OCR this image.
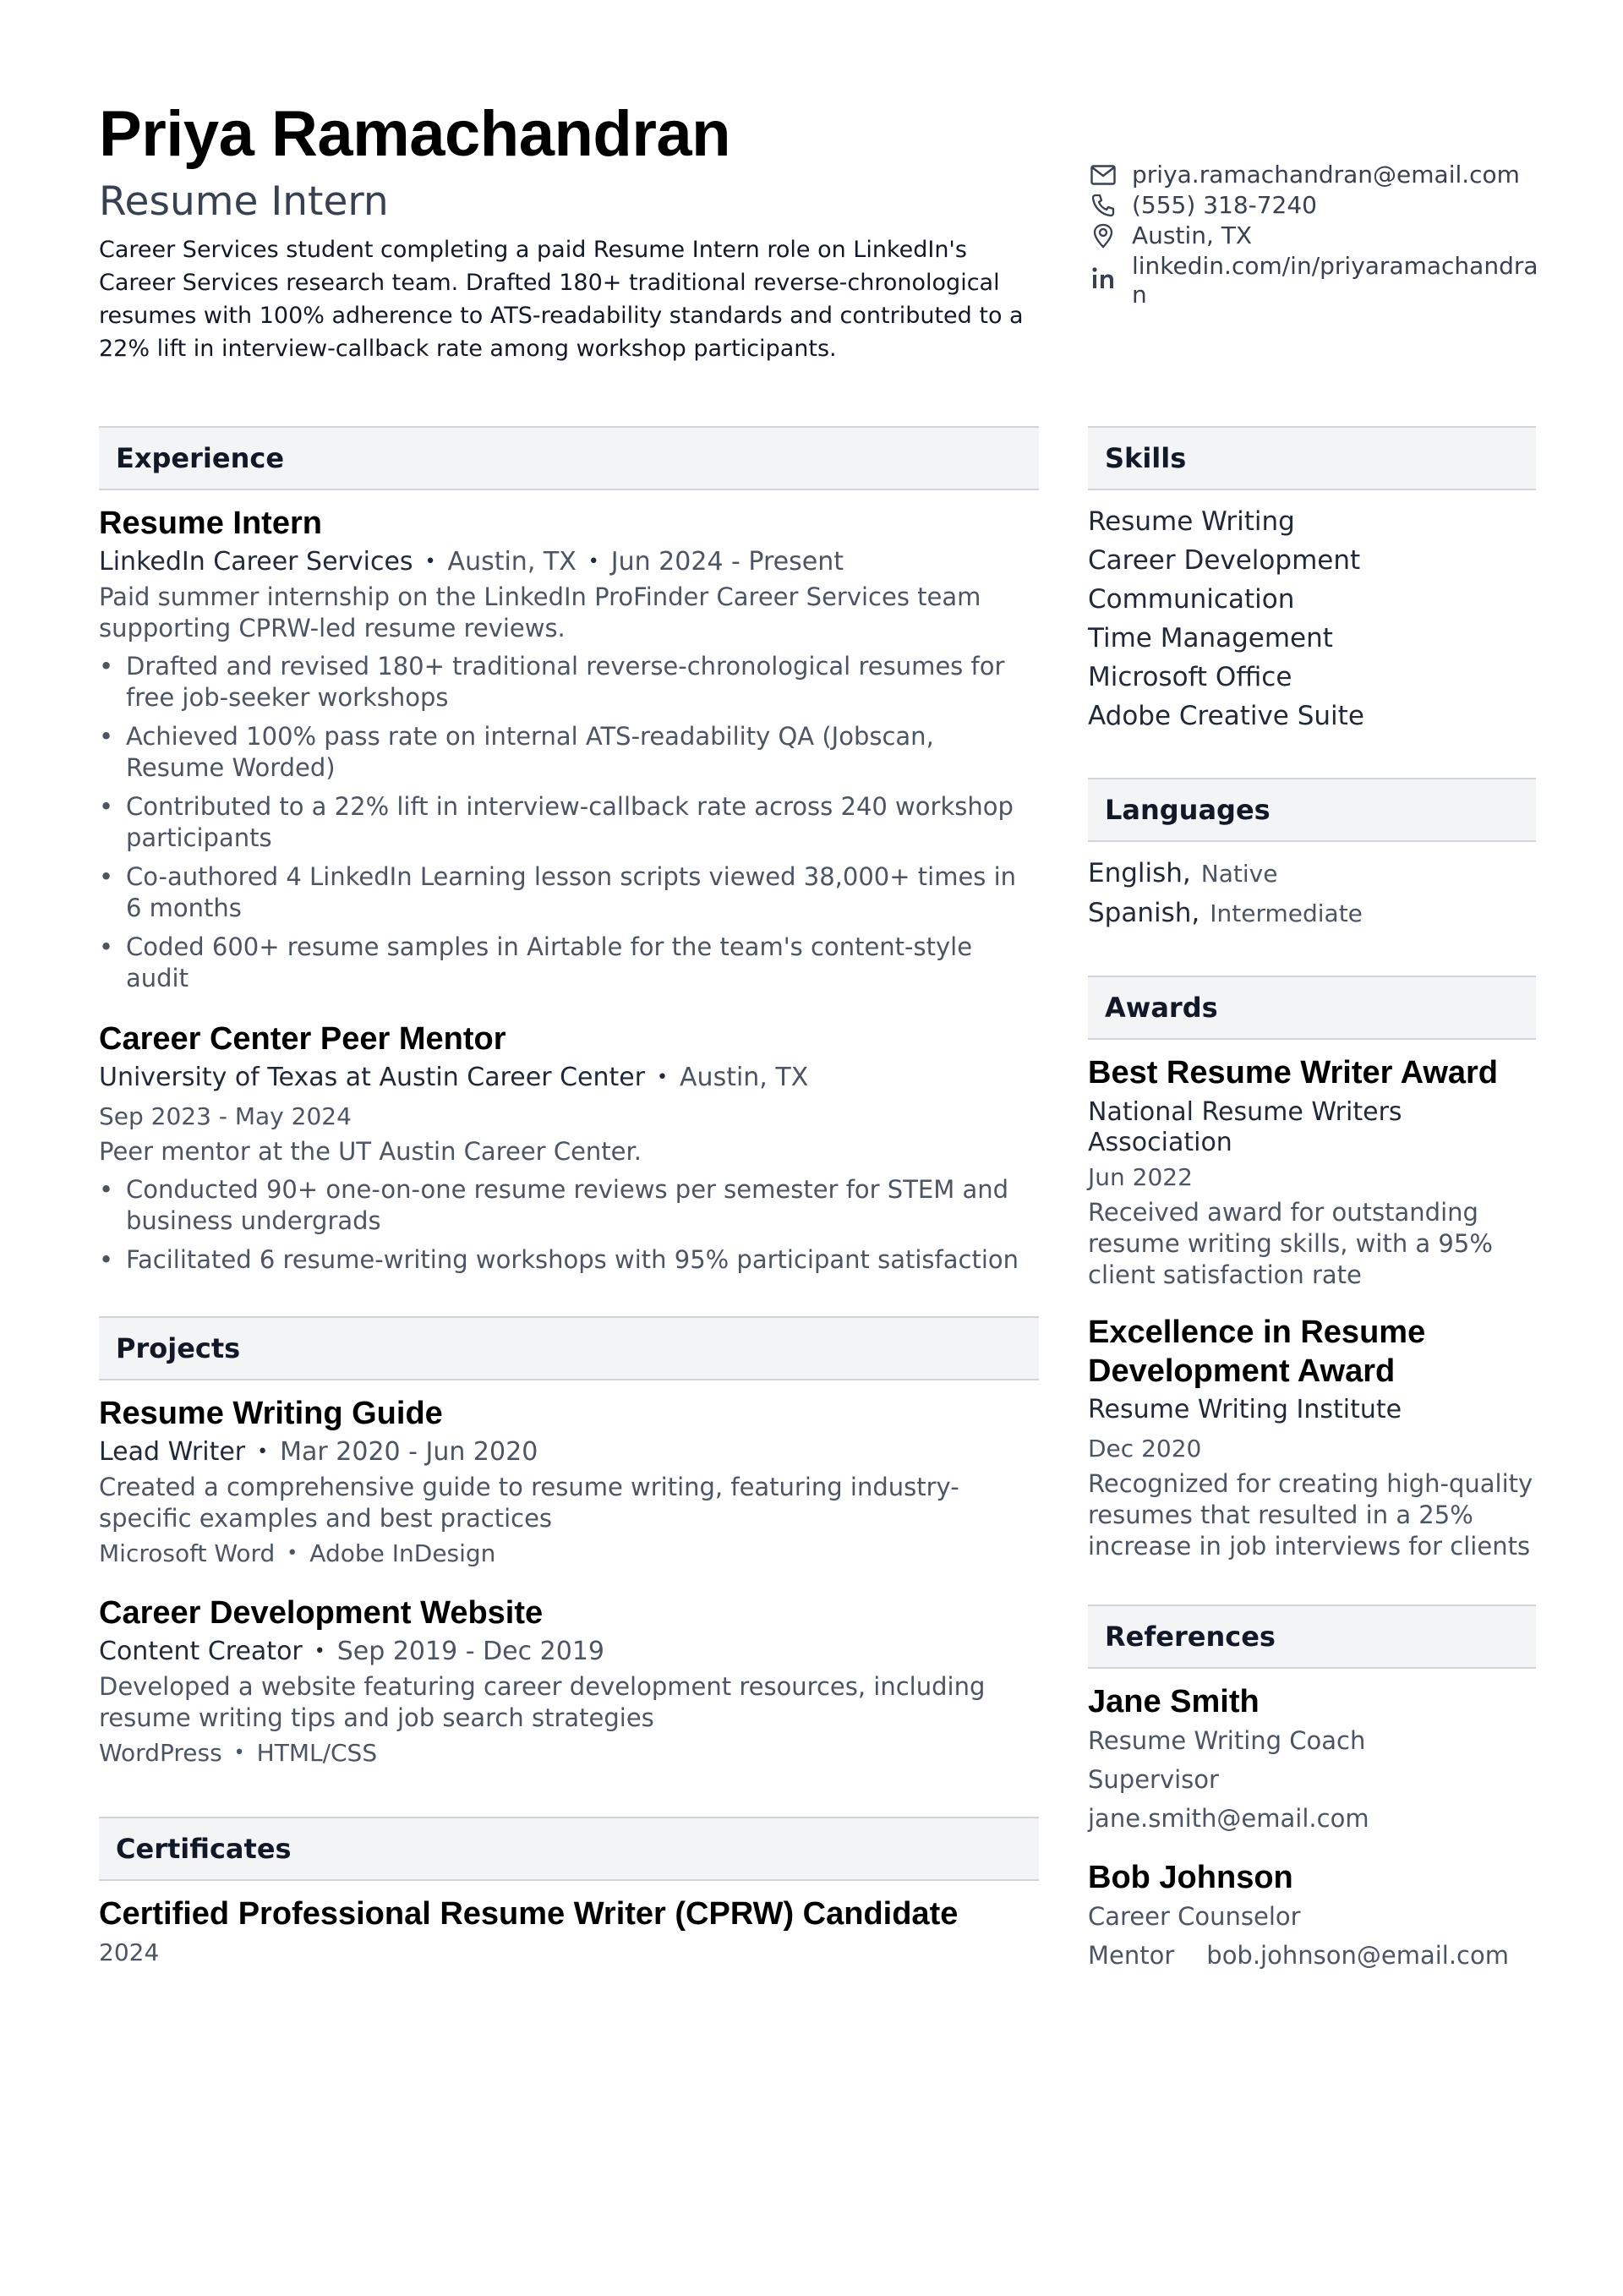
Priya Ramachandran
Resume Intern
Career Services student completing a paid Resume Intern role on LinkedIn's Career Services research team. Drafted 180+ traditional reverse-chronological resumes with 100% adherence to ATS-readability standards and contributed to a 22% lift in interview-callback rate among workshop participants.
priya.ramachandran@email.com
(555) 318-7240
Austin, TX
linkedin.com/in/priyaramachandran
Experience
Resume Intern
LinkedIn Career Services • Austin, TX • Jun 2024 - Present
Paid summer internship on the LinkedIn ProFinder Career Services team supporting CPRW-led resume reviews.
• Drafted and revised 180+ traditional reverse-chronological resumes for free job-seeker workshops
• Achieved 100% pass rate on internal ATS-readability QA (Jobscan, Resume Worded)
• Contributed to a 22% lift in interview-callback rate across 240 workshop participants
• Co-authored 4 LinkedIn Learning lesson scripts viewed 38,000+ times in 6 months
• Coded 600+ resume samples in Airtable for the team's content-style audit
Career Center Peer Mentor
University of Texas at Austin Career Center • Austin, TX
Sep 2023 - May 2024
Peer mentor at the UT Austin Career Center.
• Conducted 90+ one-on-one resume reviews per semester for STEM and business undergrads
• Facilitated 6 resume-writing workshops with 95% participant satisfaction
Projects
Resume Writing Guide
Lead Writer • Mar 2020 - Jun 2020
Created a comprehensive guide to resume writing, featuring industry-specific examples and best practices
Microsoft Word • Adobe InDesign
Career Development Website
Content Creator • Sep 2019 - Dec 2019
Developed a website featuring career development resources, including resume writing tips and job search strategies
WordPress • HTML/CSS
Certificates
Certified Professional Resume Writer (CPRW) Candidate
2024
Skills
Resume Writing
Career Development
Communication
Time Management
Microsoft Office
Adobe Creative Suite
Languages
English, Native
Spanish, Intermediate
Awards
Best Resume Writer Award
National Resume Writers Association
Jun 2022
Received award for outstanding resume writing skills, with a 95% client satisfaction rate
Excellence in Resume Development Award
Resume Writing Institute
Dec 2020
Recognized for creating high-quality resumes that resulted in a 25% increase in job interviews for clients
References
Jane Smith
Resume Writing Coach
Supervisor
jane.smith@email.com
Bob Johnson
Career Counselor
Mentor bob.johnson@email.com
